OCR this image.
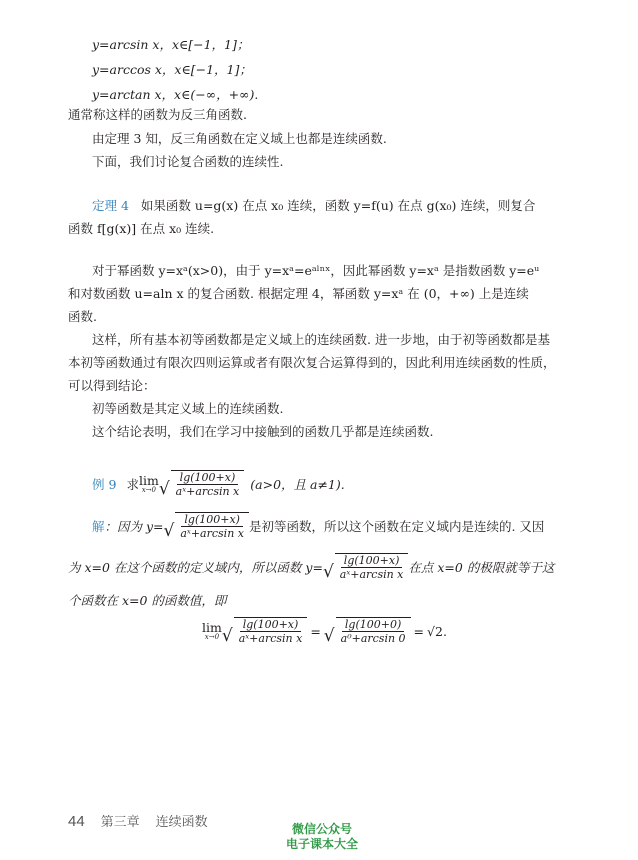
y=arcsin x，x∈[−1，1]；
y=arccos x，x∈[−1，1]；
y=arctan x，x∈(−∞，+∞).
通常称这样的函数为反三角函数.
由定理 3 知，反三角函数在定义域上也都是连续函数.
下面，我们讨论复合函数的连续性.
定理 4 如果函数 u=g(x) 在点 x₀ 连续，函数 y=f(u) 在点 g(x₀) 连续，则复合
函数 f[g(x)] 在点 x₀ 连续.
对于幂函数 y=xᵃ(x>0)，由于 y=xᵃ=eᵃˡⁿˣ，因此幂函数 y=xᵃ 是指数函数 y=eᵘ
和对数函数 u=aln x 的复合函数. 根据定理 4，幂函数 y=xᵃ 在 (0，+∞) 上是连续
函数.
这样，所有基本初等函数都是定义域上的连续函数. 进一步地，由于初等函数都是基
本初等函数通过有限次四则运算或者有限次复合运算得到的，因此利用连续函数的性质，
可以得到结论：
初等函数是其定义域上的连续函数.
这个结论表明，我们在学习中接触到的函数几乎都是连续函数.
例 9 求 lim
x→0 √ $\frac{\lg(100+x)}{\text{aˣ+arcsin x}} (a>0$，且 a≠1).
解 ：因为 y= √ $\frac{\lg(100+x)}{\text{aˣ+arcsin x}}$ 是初等函数，所以这个函数在定义域内是连续的. 又因
为 x=0 在这个函数的定义域内，所以函数 y= √ $\frac{\lg(100+x)}{\text{aˣ+arcsin x}}$ 在点 x=0 的极限就等于这
个函数在 x=0 的函数值，即
lim
x→0 √ $\frac{\lg(100+x)}{\text{aˣ+arcsin x}}$ = √ $\frac{\lg(100+0)}{\text{a⁰+arcsin 0}} = √2$ .
44 第三章 连续函数	微信公众号
电子课本大全
